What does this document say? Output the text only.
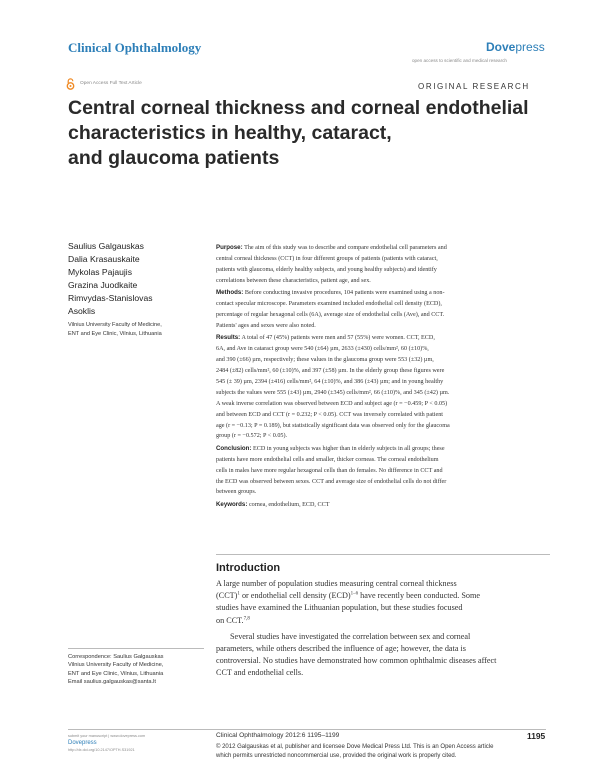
Clinical Ophthalmology	Dovepress
open access to scientific and medical research
Open Access Full Text Article	ORIGINAL RESEARCH
Central corneal thickness and corneal endothelial
characteristics in healthy, cataract,
and glaucoma patients
Saulius Galgauskas
Dalia Krasauskaite
Mykolas Pajaujis
Grazina Juodkaite
Rimvydas-Stanislovas
Asoklis
Vilnius University Faculty of Medicine,
ENT and Eye Clinic, Vilnius, Lithuania
Purpose: The aim of this study was to describe and compare endothelial cell parameters and
central corneal thickness (CCT) in four different groups of patients (patients with cataract,
patients with glaucoma, elderly healthy subjects, and young healthy subjects) and identify
correlations between these characteristics, patient age, and sex.
Methods: Before conducting invasive procedures, 104 patients were examined using a non-
contact specular microscope. Parameters examined included endothelial cell density (ECD),
percentage of regular hexagonal cells (6A), average size of endothelial cells (Ave), and CCT.
Patients' ages and sexes were also noted.
Results: A total of 47 (45%) patients were men and 57 (55%) were women. CCT, ECD,
6A, and Ave in cataract group were 540 (±64) µm, 2633 (±430) cells/mm², 60 (±10)%,
and 390 (±66) µm, respectively; these values in the glaucoma group were 553 (±32) µm,
2484 (±82) cells/mm², 60 (±10)%, and 397 (±58) µm. In the elderly group these figures were
545 (± 39) µm, 2394 (±416) cells/mm², 64 (±10)%, and 386 (±43) µm; and in young healthy
subjects the values were 555 (±43) µm, 2940 (±345) cells/mm², 66 (±10)%, and 345 (±42) µm.
A weak inverse correlation was observed between ECD and subject age (r = −0.459; P < 0.05)
and between ECD and CCT (r = 0.232; P < 0.05). CCT was inversely correlated with patient
age (r = −0.13; P = 0.189), but statistically significant data was observed only for the glaucoma
group (r = −0.572; P < 0.05).
Conclusion: ECD in young subjects was higher than in elderly subjects in all groups; these
patients have more endothelial cells and smaller, thicker corneas. The corneal endothelium
cells in males have more regular hexagonal cells than do females. No difference in CCT and
the ECD was observed between sexes. CCT and average size of endothelial cells do not differ
between groups.
Keywords: cornea, endothelium, ECD, CCT
Introduction
A large number of population studies measuring central corneal thickness
(CCT)$^1$ or endothelial cell density (ECD)$^{1-6}$ have recently been conducted. Some
studies have examined the Lithuanian population, but these studies focused
on CCT.$^{7,8}$
Several studies have investigated the correlation between sex and corneal
parameters, while others described the influence of age; however, the data is
controversial. No studies have demonstrated how common ophthalmic diseases affect
CCT and endothelial cells.
Correspondence: Saulius Galgauskas
Vilnius University Faculty of Medicine,
ENT and Eye Clinic, Vilnius, Lithuania
Email saulius.galgauskas@santa.lt
submit your manuscript | www.dovepress.com
Dovepress
http://dx.doi.org/10.2147/OPTH.S31921
Clinical Ophthalmology 2012:6 1195–1199	1195
© 2012 Galgauskas et al, publisher and licensee Dove Medical Press Ltd. This is an Open Access article
which permits unrestricted noncommercial use, provided the original work is properly cited.
